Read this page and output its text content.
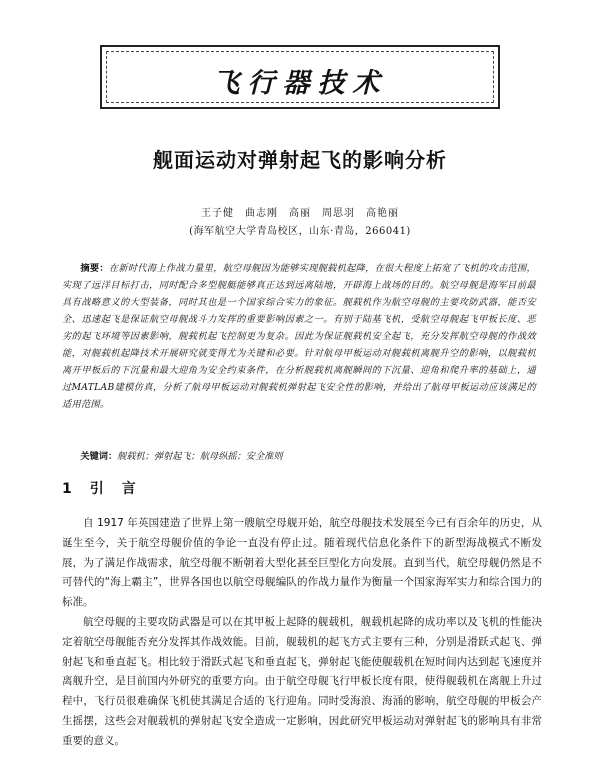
飞行器技术
舰面运动对弹射起飞的影响分析
王子健　曲志刚　高丽　周思羽　高艳丽
(海军航空大学青岛校区，山东·青岛，266041)
摘要：在新时代海上作战力量里，航空母舰因为能够实现舰载机起降，在很大程度上拓宽了飞机的攻击范围，实现了远洋目标打击，同时配合多型舰艇能够真正达到远离陆地，开辟海上战场的目的。航空母舰是海军目前最具有战略意义的大型装备，同时其也是一个国家综合实力的象征。舰载机作为航空母舰的主要攻防武器，能否安全、迅速起飞是保证航空母舰战斗力发挥的重要影响因素之一。有别于陆基飞机，受航空母舰起飞甲板长度、恶劣的起飞环境等因素影响，舰载机起飞控制更为复杂。因此为保证舰载机安全起飞，充分发挥航空母舰的作战效能，对舰载机起降技术开展研究就变得尤为关键和必要。针对航母甲板运动对舰载机离舰升空的影响，以舰载机离开甲板后的下沉量和最大迎角为安全约束条件，在分析舰载机离舰瞬间的下沉量、迎角和爬升率的基础上，通过MATLAB建模仿真，分析了航母甲板运动对舰载机弹射起飞安全性的影响，并给出了航母甲板运动应该满足的适用范围。
关键词：舰载机；弹射起飞；航母纵摇；安全准则
1　引　言

自 1917 年英国建造了世界上第一艘航空母舰开始，航空母舰技术发展至今已有百余年的历史，从诞生至今，关于航空母舰价值的争论一直没有停止过。随着现代信息化条件下的新型海战模式不断发展，为了满足作战需求，航空母舰不断朝着大型化甚至巨型化方向发展。直到当代，航空母舰仍然是不可替代的“海上霸主”，世界各国也以航空母舰编队的作战力量作为衡量一个国家海军实力和综合国力的标准。

航空母舰的主要攻防武器是可以在其甲板上起降的舰载机，舰载机起降的成功率以及飞机的性能决定着航空母舰能否充分发挥其作战效能。目前，舰载机的起飞方式主要有三种，分别是滑跃式起飞、弹射起飞和垂直起飞。相比较于滑跃式起飞和垂直起飞，弹射起飞能使舰载机在短时间内达到起飞速度并离舰升空，是目前国内外研究的重要方向。由于航空母舰飞行甲板长度有限，使得舰载机在离舰上升过程中，飞行员很难确保飞机使其满足合适的飞行迎角。同时受海浪、海涌的影响，航空母舰的甲板会产生摇摆，这些会对舰载机的弹射起飞安全造成一定影响，因此研究甲板运动对弹射起飞的影响具有非常重要的意义。
